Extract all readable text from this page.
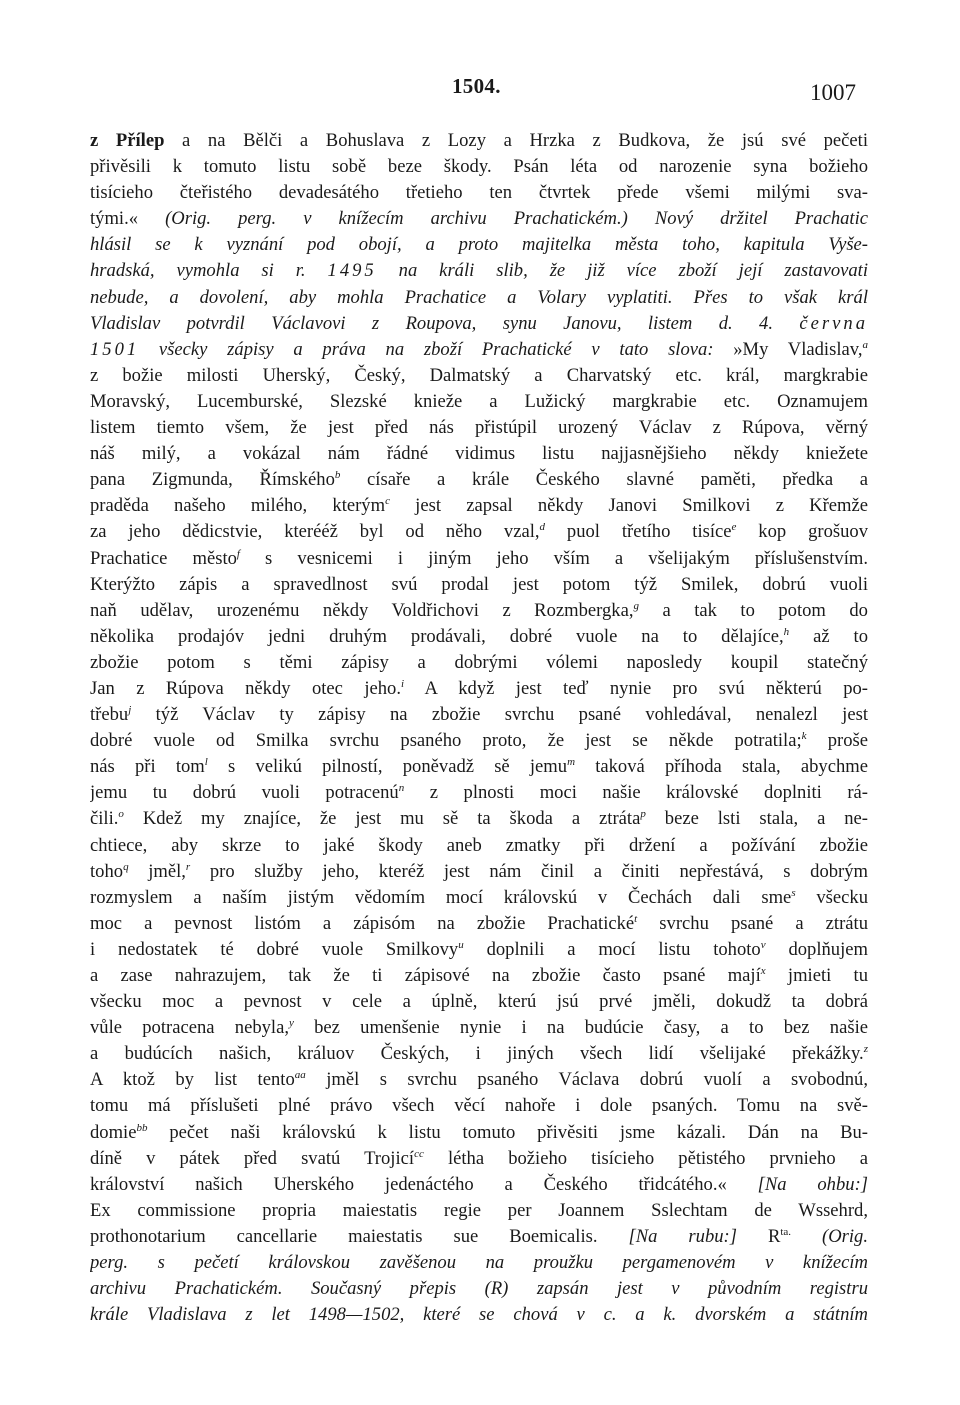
1504.	1007
z Přílep a na Bělči a Bohuslava z Lozy a Hrzka z Budkova, že jsú své pečeti
přivěsili k tomuto listu sobě beze škody. Psán léta od narozenie syna božieho
tisícieho čteřistého devadesátého třetieho ten čtvrtek přede všemi milými sva-
tými.« (Orig. perg. v knížecím archivu Prachatickém.) Nový držitel Prachatic
hlásil se k vyznání pod obojí, a proto majitelka města toho, kapitula Vyše-
hradská, vymohla si r. 1495 na králi slib, že již více zboží její zastavovati
nebude, a dovolení, aby mohla Prachatice a Volary vyplatiti. Přes to však král
Vladislav potvrdil Václavovi z Roupova, synu Janovu, listem d. 4. června
1501 všecky zápisy a práva na zboží Prachatické v tato slova: »My Vladislav,$^a$
z božie milosti Uherský, Český, Dalmatský a Charvatský etc. král, margkrabie
Moravský, Lucemburské, Slezské knieže a Lužický margkrabie etc. Oznamujem
listem tiemto všem, že jest před nás přistúpil urozený Václav z Rúpova, věrný
náš milý, a vokázal nám řádné vidimus listu najjasnějšieho někdy kniežete
pana Zigmunda, Římského$^b$ císaře a krále Českého slavné paměti, předka a
praděda našeho milého, kterým$^c$ jest zapsal někdy Janovi Smilkovi z Křemže
za jeho dědicstvie, kterééž byl od něho vzal,$^d$ puol třetího tisíce$^e$ kop grošuov
Prachatice město$^f$ s vesnicemi i jiným jeho vším a všelijakým příslušenstvím.
Kterýžto zápis a spravedlnost svú prodal jest potom týž Smilek, dobrú vuoli
naň udělav, urozenému někdy Voldřichovi z Rozmbergka,$^g$ a tak to potom do
několika prodajóv jedni druhým prodávali, dobré vuole na to dělajíce,$^h$ až to
zbožie potom s těmi zápisy a dobrými vólemi naposledy koupil statečný
Jan z Rúpova někdy otec jeho.$^i$ A když jest teď nynie pro svú některú po-
třebu$^j$ týž Václav ty zápisy na zbožie svrchu psané vohledával, nenalezl jest
dobré vuole od Smilka svrchu psaného proto, že jest se někde potratila;$^k$ proše
nás při tom$^l$ s velikú pilností, poněvadž sě jemu$^m$ taková příhoda stala, abychme
jemu tu dobrú vuoli potracenú$^n$ z plnosti moci našie královské doplniti rá-
čili.$^o$ Kdež my znajíce, že jest mu sě ta škoda a ztráta$^p$ beze lsti stala, a ne-
chtiece, aby skrze to jaké škody aneb zmatky při držení a požívání zbožie
toho$^q$ jměl,$^r$ pro služby jeho, kteréž jest nám činil a činiti nepřestává, s dobrým
rozmyslem a naším jistým vědomím mocí královskú v Čechách dali sme$^s$ všecku
moc a pevnost listóm a zápisóm na zbožie Prachatické$^t$ svrchu psané a ztrátu
i nedostatek té dobré vuole Smilkovy$^u$ doplnili a mocí listu tohoto$^v$ doplňujem
a zase nahrazujem, tak že ti zápisové na zbožie často psané mají$^x$ jmieti tu
všecku moc a pevnost v cele a úplně, kterú jsú prvé jměli, dokudž ta dobrá
vůle potracena nebyla,$^y$ bez umenšenie nynie i na budúcie časy, a to bez našie
a budúcích našich, králuov Českých, i jiných všech lidí všelijaké překážky.$^z$
A ktož by list tento$^{aa}$ jměl s svrchu psaného Václava dobrú vuolí a svobodnú,
tomu má příslušeti plné právo všech věcí nahoře i dole psaných. Tomu na svě-
domie$^{bb}$ pečet naši královskú k listu tomuto přivěsiti jsme kázali. Dán na Bu-
díně v pátek před svatú Trojicí$^{cc}$ létha božieho tisícieho pětistého prvnieho a
království našich Uherského jedenáctého a Českého třidcátého.« [Na ohbu:]
Ex commissione propria maiestatis regie per Joannem Sslechtam de Wssehrd,
prothonotarium cancellarie maiestatis sue Boemicalis. [Na rubu:] $R^{ta.}$ (Orig.
perg. s pečetí královskou zavěšenou na proužku pergamenovém v knížecím
archivu Prachatickém. Současný přepis (R) zapsán jest v původním registru
krále Vladislava z let 1498—1502, které se chová v c. a k. dvorském a státním
